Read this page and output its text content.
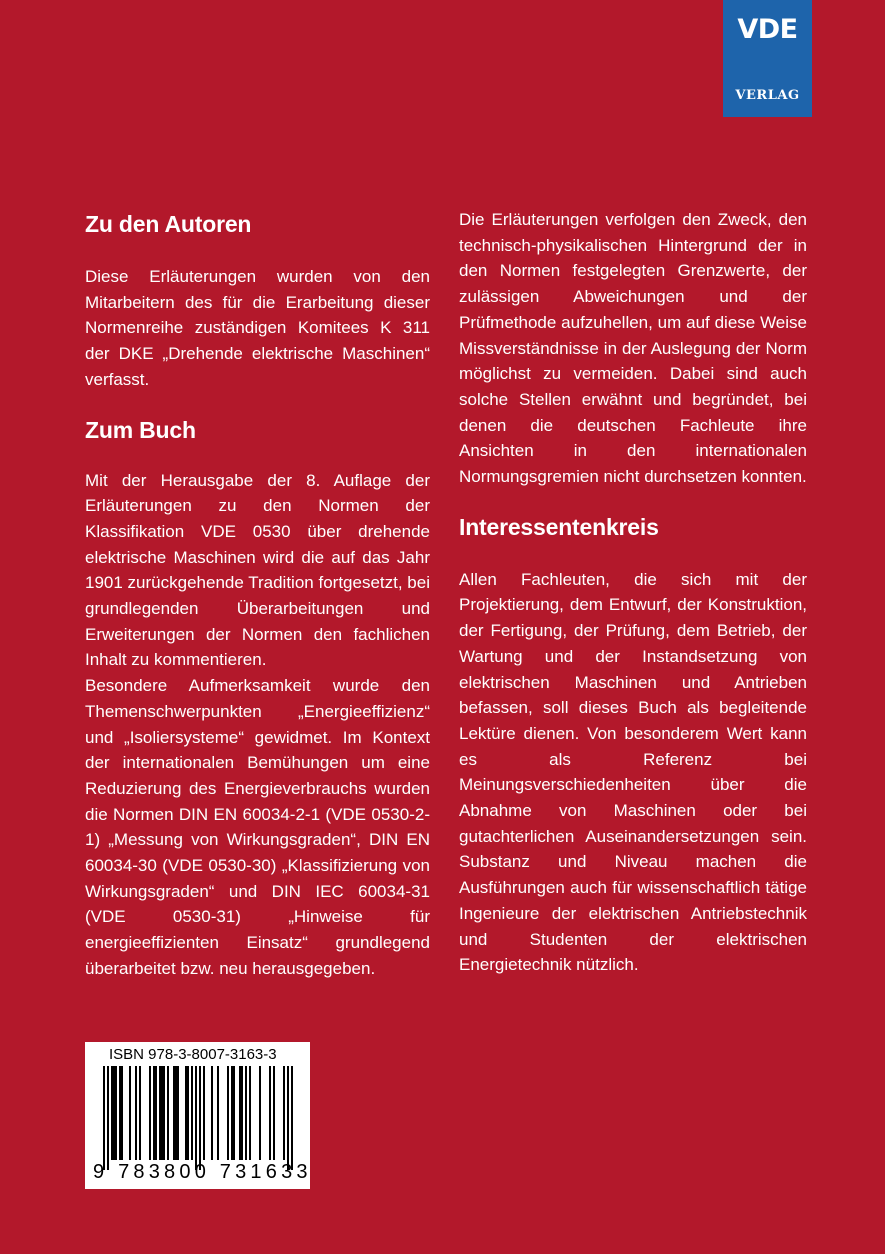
VDE
VERLAG
Zu den Autoren

Diese Erläuterungen wurden von den Mitarbeitern des für die Erarbeitung dieser Normenreihe zuständigen Komitees K 311 der DKE „Drehende elektrische Maschinen“ verfasst.

Zum Buch

Mit der Herausgabe der 8. Auflage der Erläuterungen zu den Normen der Klassifikation VDE 0530 über drehende elektrische Maschinen wird die auf das Jahr 1901 zurückgehende Tradition fortgesetzt, bei grundlegenden Überarbeitungen und Erweiterungen der Normen den fachlichen Inhalt zu kommentieren.

Besondere Aufmerksamkeit wurde den Themenschwerpunkten „Energieeffizienz“ und „Isoliersysteme“ gewidmet. Im Kontext der internationalen Bemühungen um eine Reduzierung des Energieverbrauchs wurden die Normen DIN EN 60034-2-1 (VDE 0530-2-1) „Messung von Wirkungsgraden“, DIN EN 60034-30 (VDE 0530-30) „Klassifizierung von Wirkungsgraden“ und DIN IEC 60034-31 (VDE 0530-31) „Hinweise für energieeffizienten Einsatz“ grundlegend überarbeitet bzw. neu herausgegeben.

Die Erläuterungen verfolgen den Zweck, den technisch-physikalischen Hintergrund der in den Normen festgelegten Grenzwerte, der zulässigen Abweichungen und der Prüfmethode aufzuhellen, um auf diese Weise Missverständnisse in der Auslegung der Norm möglichst zu vermeiden. Dabei sind auch solche Stellen erwähnt und begründet, bei denen die deutschen Fachleute ihre Ansichten in den internationalen Normungsgremien nicht durchsetzen konnten.

Interessentenkreis

Allen Fachleuten, die sich mit der Projektierung, dem Entwurf, der Konstruktion, der Fertigung, der Prüfung, dem Betrieb, der Wartung und der Instandsetzung von elektrischen Maschinen und Antrieben befassen, soll dieses Buch als begleitende Lektüre dienen. Von besonderem Wert kann es als Referenz bei Meinungsverschiedenheiten über die Abnahme von Maschinen oder bei gutachterlichen Auseinandersetzungen sein. Substanz und Niveau machen die Ausführungen auch für wissenschaftlich tätige Ingenieure der elektrischen Antriebstechnik und Studenten der elektrischen Energietechnik nützlich.

ISBN 978-3-8007-3163-3
9 783800 731633
